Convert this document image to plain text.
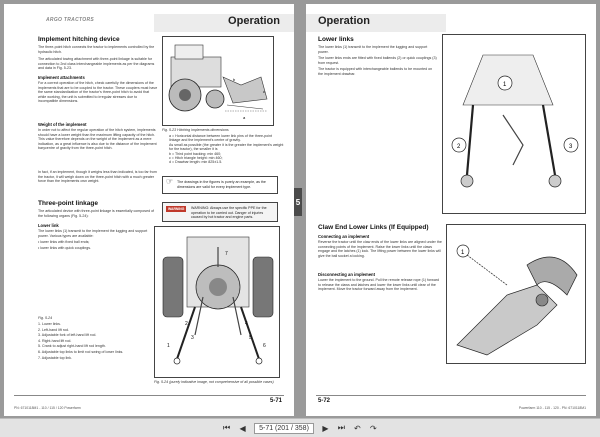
ARGO TRACTORS	Operation
Implement hitching device
The three-point hitch connects the tractor to implements controlled by the hydraulic hitch.
The articulated towing attachment with three-point linkage is suitable for connection to 2nd class interchangeable implements as per the diagrams and data in Fig. 5-23.
Implement attachments
For a correct operation of the hitch, check carefully the dimensions of the implements that are to be coupled to the tractor. These couplers must have the same standardization of the tractor's three-point hitch to avoid that while working, the unit is submitted to irregular stresses due to incompatible dimensions.
Weight of the implement
In order not to affect the regular operation of the hitch system, implements should have a lower weight than the maximum lifting capacity of the hitch. This value therefore depends on the weight of the implement as a mere indication, as a great influence is also due to the distance of the implement barycentre of gravity from the three-point hitch.
In fact, if an implement, though it weighs less than indicated, is too far from the tractor, it will weigh down on the three-point hitch with a much greater force than the implements own weight.
a
c
b
Fig. 5-23 Hitching implements dimensions
a = Horizontal distance between lower link pins of the three-point linkage and the implement's centre of gravity.
As small as possible (the greater it is the greater the implement's weight for the tractor), the smaller it is
b = Third point backing: min 460;
c = Hitch triangle height: min 460;
d = Drawbar length: min 825±1.5.
☞ The drawings in the figures is purely an example, as the dimensions are valid for every implement type.
Three-point linkage
The articulated device with three-point linkage is essentially composed of the following organs (Fig. 5-24):
Lower link
The lower links (1) transmit to the implement the lugging and support power. Various types are available:
• lower links with fixed ball ends;
• lower links with quick couplings.
WARNING	WARNING: Always use the specific PPE for the operation to be carried out. Danger of injuries caused by hot tractor and engine parts.
1
2
3
4
5
7
6
Fig. 5-24
1. Lower links.
2. Left-hand lift rod.
3. Adjustable fork of left-hand lift rod.
4. Right-hand lift rod.
5. Crank to adjust right-hand lift rod length.
6. Adjustable top links to limit rod swing of lower links.
7. Adjustable top link.
Fig. 5-24 (purely indicative image, not comprehensive of all possible cases)
5-71
PN: 6710118M1 - 110 / 115 / 120 Powerfarm
5
Operation
Lower links
The lower links (1) transmit to the implement the lugging and support power.
The lower links ends are fitted with fixed ballends (2) or quick couplings (3) from request.
The tractor is equipped with interchangeable ballends to be mounted on the implement drawbar.
1
2	3
Claw End Lower Links (If Equipped)
Connecting an implement
Reverse the tractor until the claw ends of the lower links are aligned under the connecting points of the implement. Raise the lower links until the claws engage and the latches (1) lock. The lifting power between the lower links will give the ball socket a locking.
Disconnecting an implement
Lower the implement to the ground. Pull the remote release rope (1) forward to release the claws and latches and lower the lower links until clear of the implement. Move the tractor forward away from the implement.
1
5-72
Powerfarm 110 - 115 - 120 - PN: 6710118M1
⏮ ◀	5-71 (201 / 358)	▶ ⏭ ↶ ↷
